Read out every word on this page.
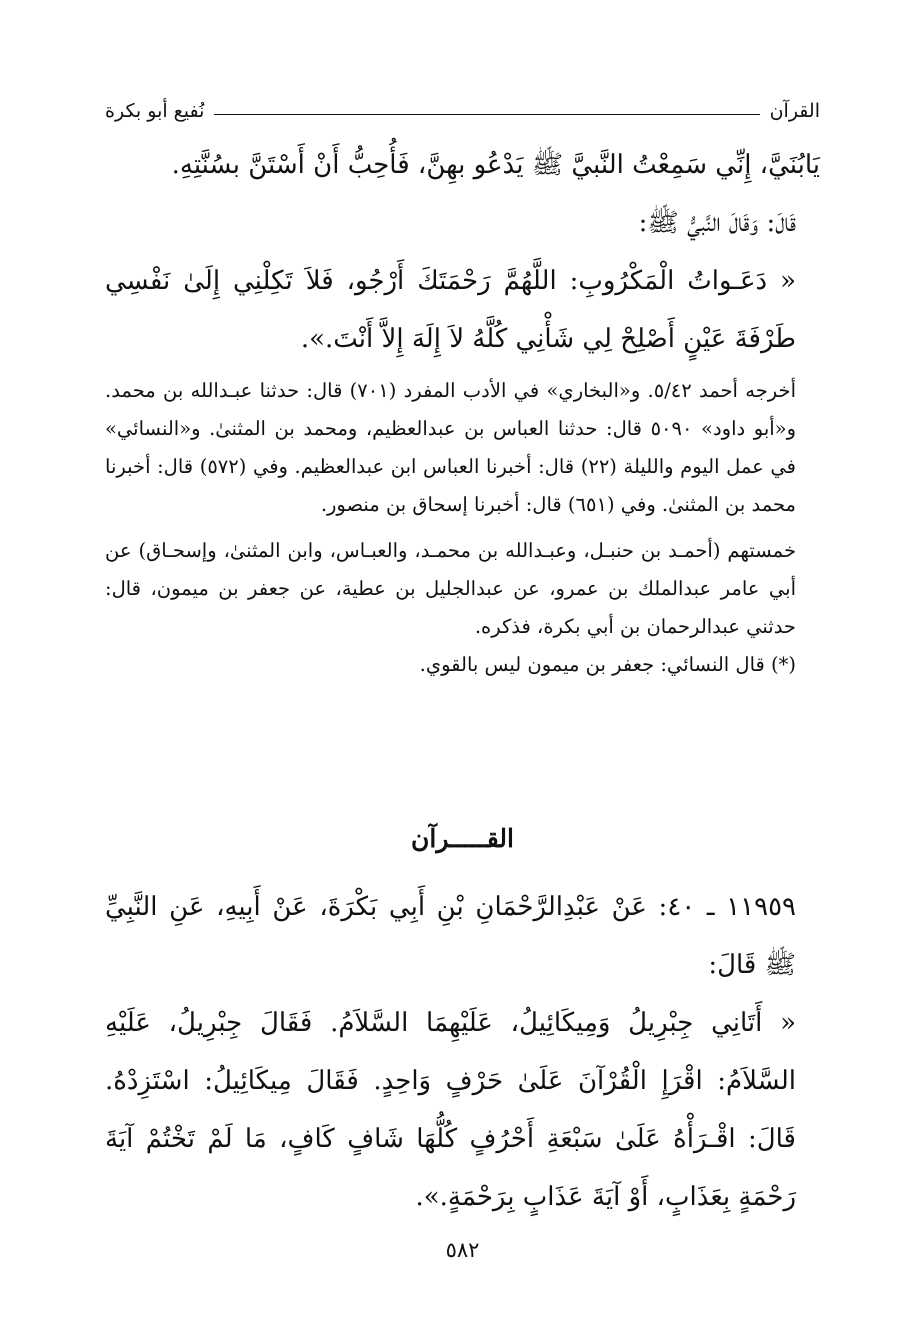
القرآن
نُفيع أبو بكرة

يَابُنَيَّ، إِنِّي سَمِعْتُ النَّبيَّ ﷺ يَدْعُو بهِنَّ، فَأُحِبُّ أَنْ أَسْتَنَّ بسُنَّتِهِ.

قَالَ: وَقَالَ النَّبيُّ ﷺ:

« دَعَـواتُ الْمَكْرُوبِ: اللَّهُمَّ رَحْمَتَكَ أَرْجُو، فَلاَ تَكِلْنِي إِلَىٰ نَفْسِي طَرْفَةَ عَيْنٍ أَصْلِحْ لِي شَأْنِي كُلَّهُ لاَ إِلَهَ إِلاَّ أَنْتَ.».

أخرجه أحمد ٥/٤٢. و«البخاري» في الأدب المفرد (٧٠١) قال: حدثنا عبـدالله بن محمد. و«أبو داود» ٥٠٩٠ قال: حدثنا العباس بن عبدالعظيم، ومحمد بن المثنىٰ. و«النسائي» في عمل اليوم والليلة (٢٢) قال: أخبرنا العباس ابن عبدالعظيم. وفي (٥٧٢) قال: أخبرنا محمد بن المثنىٰ. وفي (٦٥١) قال: أخبرنا إسحاق بن منصور.

خمستهم (أحمـد بن حنبـل، وعبـدالله بن محمـد، والعبـاس، وابن المثنىٰ، وإسحـاق) عن أبي عامر عبدالملك بن عمرو، عن عبدالجليل بن عطية، عن جعفر بن ميمون، قال: حدثني عبدالرحمان بن أبي بكرة، فذكره.

(*) قال النسائي: جعفر بن ميمون ليس بالقوي.

القـــــرآن

١١٩٥٩ ـ ٤٠: عَنْ عَبْدِالرَّحْمَانِ بْنِ أَبِي بَكْرَةَ، عَنْ أَبِيهِ، عَنِ النَّبِيِّ ﷺ قَالَ:

« أَتَانِي جِبْرِيلُ وَمِيكَائِيلُ، عَلَيْهِمَا السَّلاَمُ. فَقَالَ جِبْرِيلُ، عَلَيْهِ السَّلاَمُ: اقْرَإِ الْقُرْآنَ عَلَىٰ حَرْفٍ وَاحِدٍ. فَقَالَ مِيكَائِيلُ: اسْتَزِدْهُ. قَالَ: اقْـرَأْهُ عَلَىٰ سَبْعَةِ أَحْرُفٍ كُلُّهَا شَافٍ كَافٍ، مَا لَمْ تَخْتُمْ آيَةَ رَحْمَةٍ بِعَذَابٍ، أَوْ آيَةَ عَذَابٍ بِرَحْمَةٍ.».

٥٨٢
